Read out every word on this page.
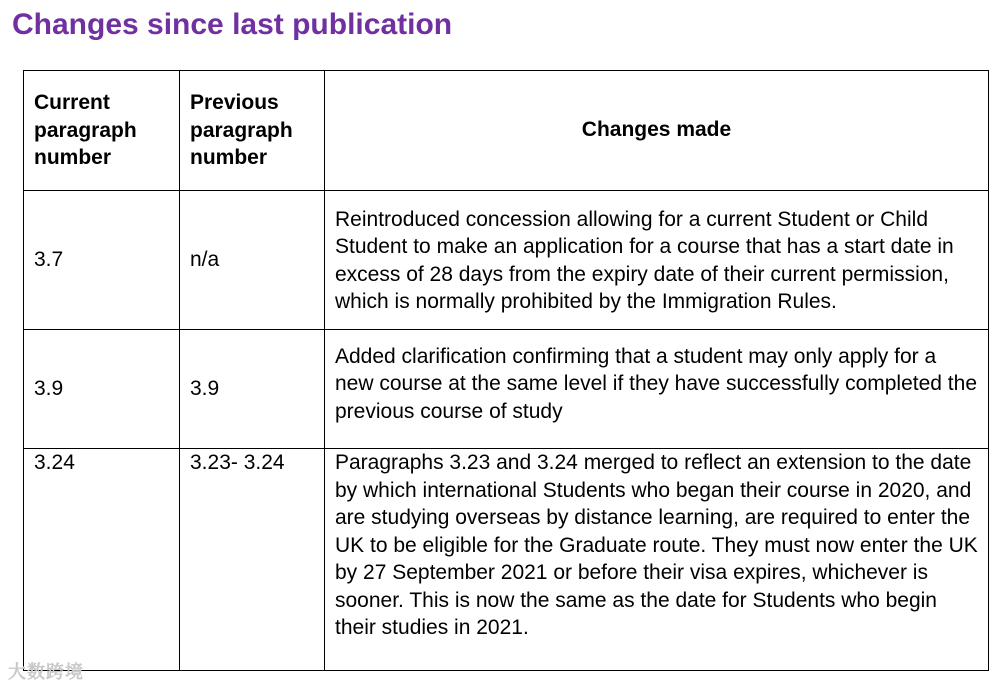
Changes since last publication
Current paragraph number	Previous paragraph number	Changes made
3.7	n/a	Reintroduced concession allowing for a current Student or Child Student to make an application for a course that has a start date in excess of 28 days from the expiry date of their current permission, which is normally prohibited by the Immigration Rules.
3.9	3.9	Added clarification confirming that a student may only apply for a new course at the same level if they have successfully completed the previous course of study
3.24	3.23- 3.24	Paragraphs 3.23 and 3.24 merged to reflect an extension to the date by which international Students who began their course in 2020, and are studying overseas by distance learning, are required to enter the UK to be eligible for the Graduate route. They must now enter the UK by 27 September 2021 or before their visa expires, whichever is sooner. This is now the same as the date for Students who begin their studies in 2021.
大数跨境
